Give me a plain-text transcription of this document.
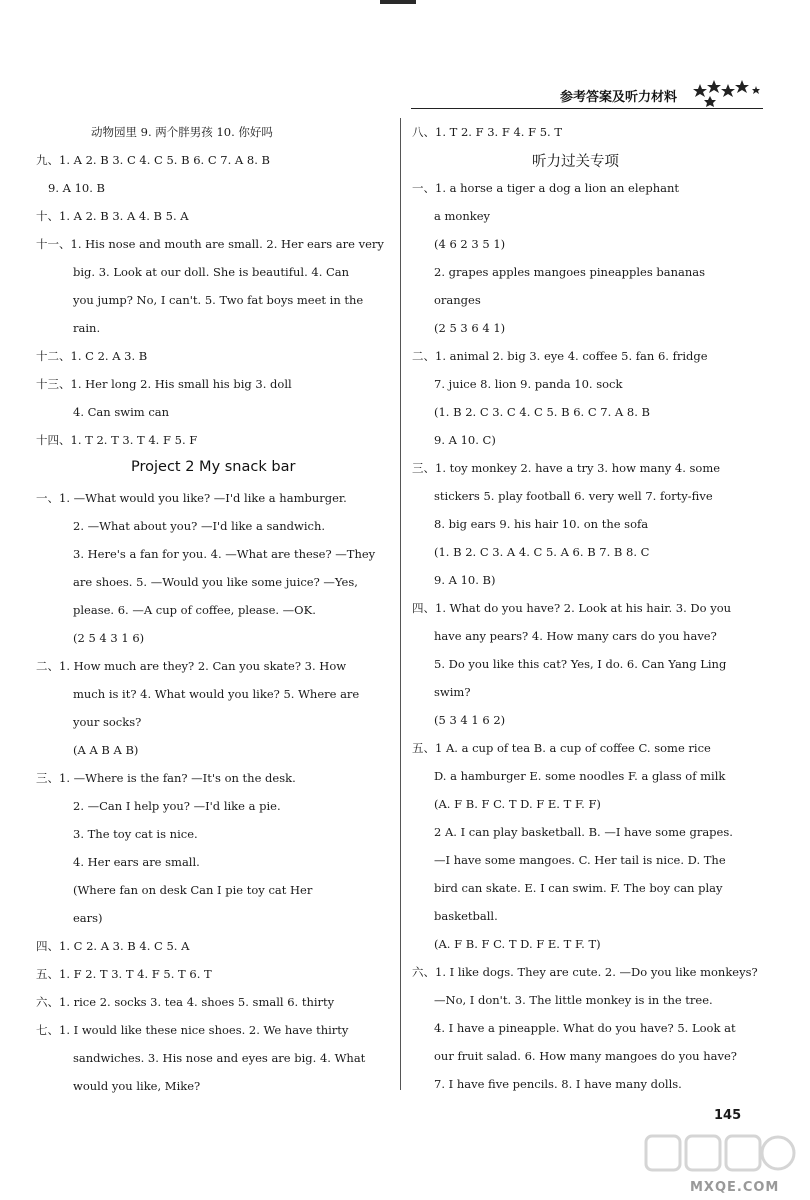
参考答案及听力材料
动物园里 9. 两个胖男孩 10. 你好吗
九、1. A 2. B 3. C 4. C 5. B 6. C 7. A 8. B
9. A 10. B
十、1. A 2. B 3. A 4. B 5. A
十一、1. His nose and mouth are small. 2. Her ears are very
big. 3. Look at our doll. She is beautiful. 4. Can
you jump? No, I can't. 5. Two fat boys meet in the
rain.
十二、1. C 2. A 3. B
十三、1. Her long 2. His small his big 3. doll
4. Can swim can
十四、1. T 2. T 3. T 4. F 5. F
Project 2 My snack bar
一、1. —What would you like? —I'd like a hamburger.
2. —What about you? —I'd like a sandwich.
3. Here's a fan for you. 4. —What are these? —They
are shoes. 5. —Would you like some juice? —Yes,
please. 6. —A cup of coffee, please. —OK.
(2 5 4 3 1 6)
二、1. How much are they? 2. Can you skate? 3. How
much is it? 4. What would you like? 5. Where are
your socks?
(A A B A B)
三、1. —Where is the fan? —It's on the desk.
2. —Can I help you? —I'd like a pie.
3. The toy cat is nice.
4. Her ears are small.
(Where fan on desk Can I pie toy cat Her
ears)
四、1. C 2. A 3. B 4. C 5. A
五、1. F 2. T 3. T 4. F 5. T 6. T
六、1. rice 2. socks 3. tea 4. shoes 5. small 6. thirty
七、1. I would like these nice shoes. 2. We have thirty
sandwiches. 3. His nose and eyes are big. 4. What
would you like, Mike?
八、1. T 2. F 3. F 4. F 5. T
听力过关专项
一、1. a horse a tiger a dog a lion an elephant
a monkey
(4 6 2 3 5 1)
2. grapes apples mangoes pineapples bananas
oranges
(2 5 3 6 4 1)
二、1. animal 2. big 3. eye 4. coffee 5. fan 6. fridge
7. juice 8. lion 9. panda 10. sock
(1. B 2. C 3. C 4. C 5. B 6. C 7. A 8. B
9. A 10. C)
三、1. toy monkey 2. have a try 3. how many 4. some
stickers 5. play football 6. very well 7. forty-five
8. big ears 9. his hair 10. on the sofa
(1. B 2. C 3. A 4. C 5. A 6. B 7. B 8. C
9. A 10. B)
四、1. What do you have? 2. Look at his hair. 3. Do you
have any pears? 4. How many cars do you have?
5. Do you like this cat? Yes, I do. 6. Can Yang Ling
swim?
(5 3 4 1 6 2)
五、1 A. a cup of tea B. a cup of coffee C. some rice
D. a hamburger E. some noodles F. a glass of milk
(A. F B. F C. T D. F E. T F. F)
2 A. I can play basketball. B. —I have some grapes.
—I have some mangoes. C. Her tail is nice. D. The
bird can skate. E. I can swim. F. The boy can play
basketball.
(A. F B. F C. T D. F E. T F. T)
六、1. I like dogs. They are cute. 2. —Do you like monkeys?
—No, I don't. 3. The little monkey is in the tree.
4. I have a pineapple. What do you have? 5. Look at
our fruit salad. 6. How many mangoes do you have?
7. I have five pencils. 8. I have many dolls.
145
MXQE.COM
